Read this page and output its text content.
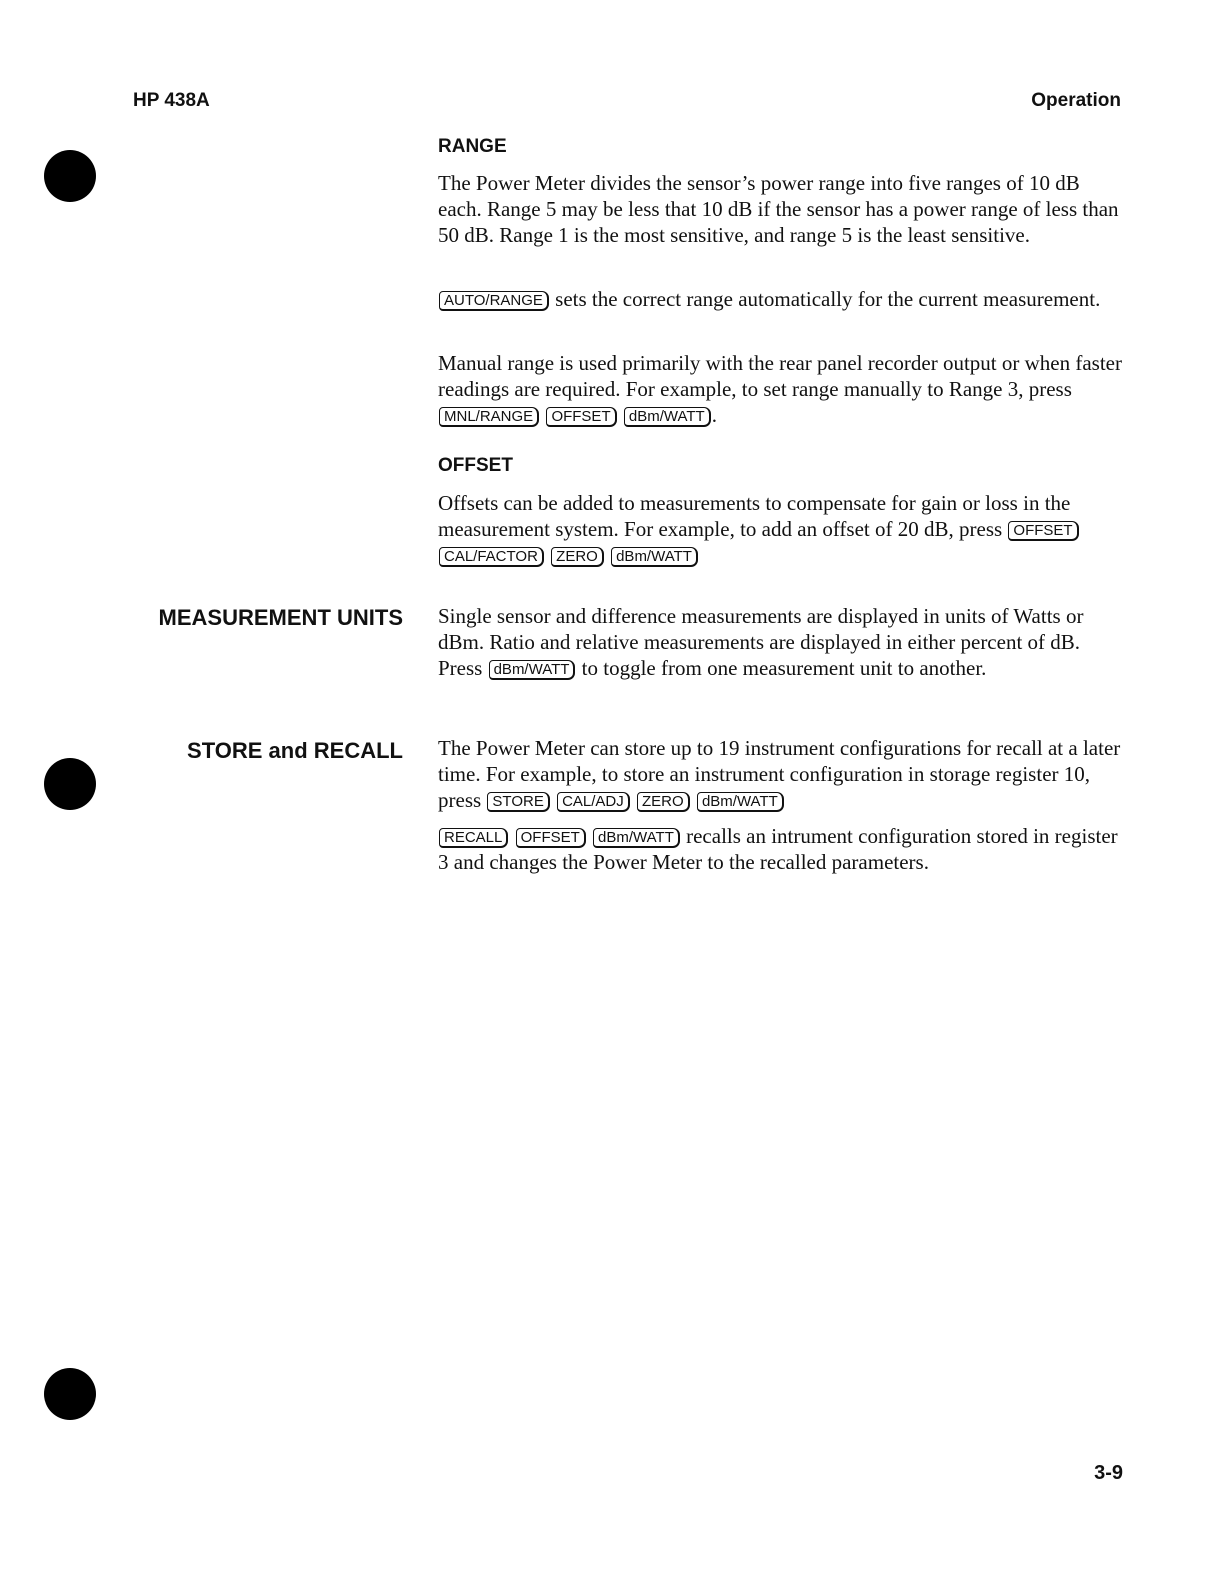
HP 438A	Operation
RANGE

The Power Meter divides the sensor’s power range into five ranges of 10 dB each. Range 5 may be less that 10 dB if the sensor has a power range of less than 50 dB. Range 1 is the most sensitive, and range 5 is the least sensitive.

AUTO/RANGE sets the correct range automatically for the current measurement.

Manual range is used primarily with the rear panel recorder output or when faster readings are required. For example, to set range manually to Range 3, press MNL/RANGE OFFSET dBm/WATT .

OFFSET

Offsets can be added to measurements to compensate for gain or loss in the measurement system. For example, to add an offset of 20 dB, press OFFSET CAL/FACTOR ZERO dBm/WATT

MEASUREMENT UNITS Single sensor and difference measurements are displayed in units of Watts or dBm. Ratio and relative measurements are displayed in either percent of dB. Press dBm/WATT to toggle from one measurement unit to another.

STORE and RECALL The Power Meter can store up to 19 instrument configurations for recall at a later time. For example, to store an instrument configuration in storage register 10, press STORE CAL/ADJ ZERO dBm/WATT

RECALL OFFSET dBm/WATT recalls an intrument configuration stored in register 3 and changes the Power Meter to the recalled parameters.

3-9
